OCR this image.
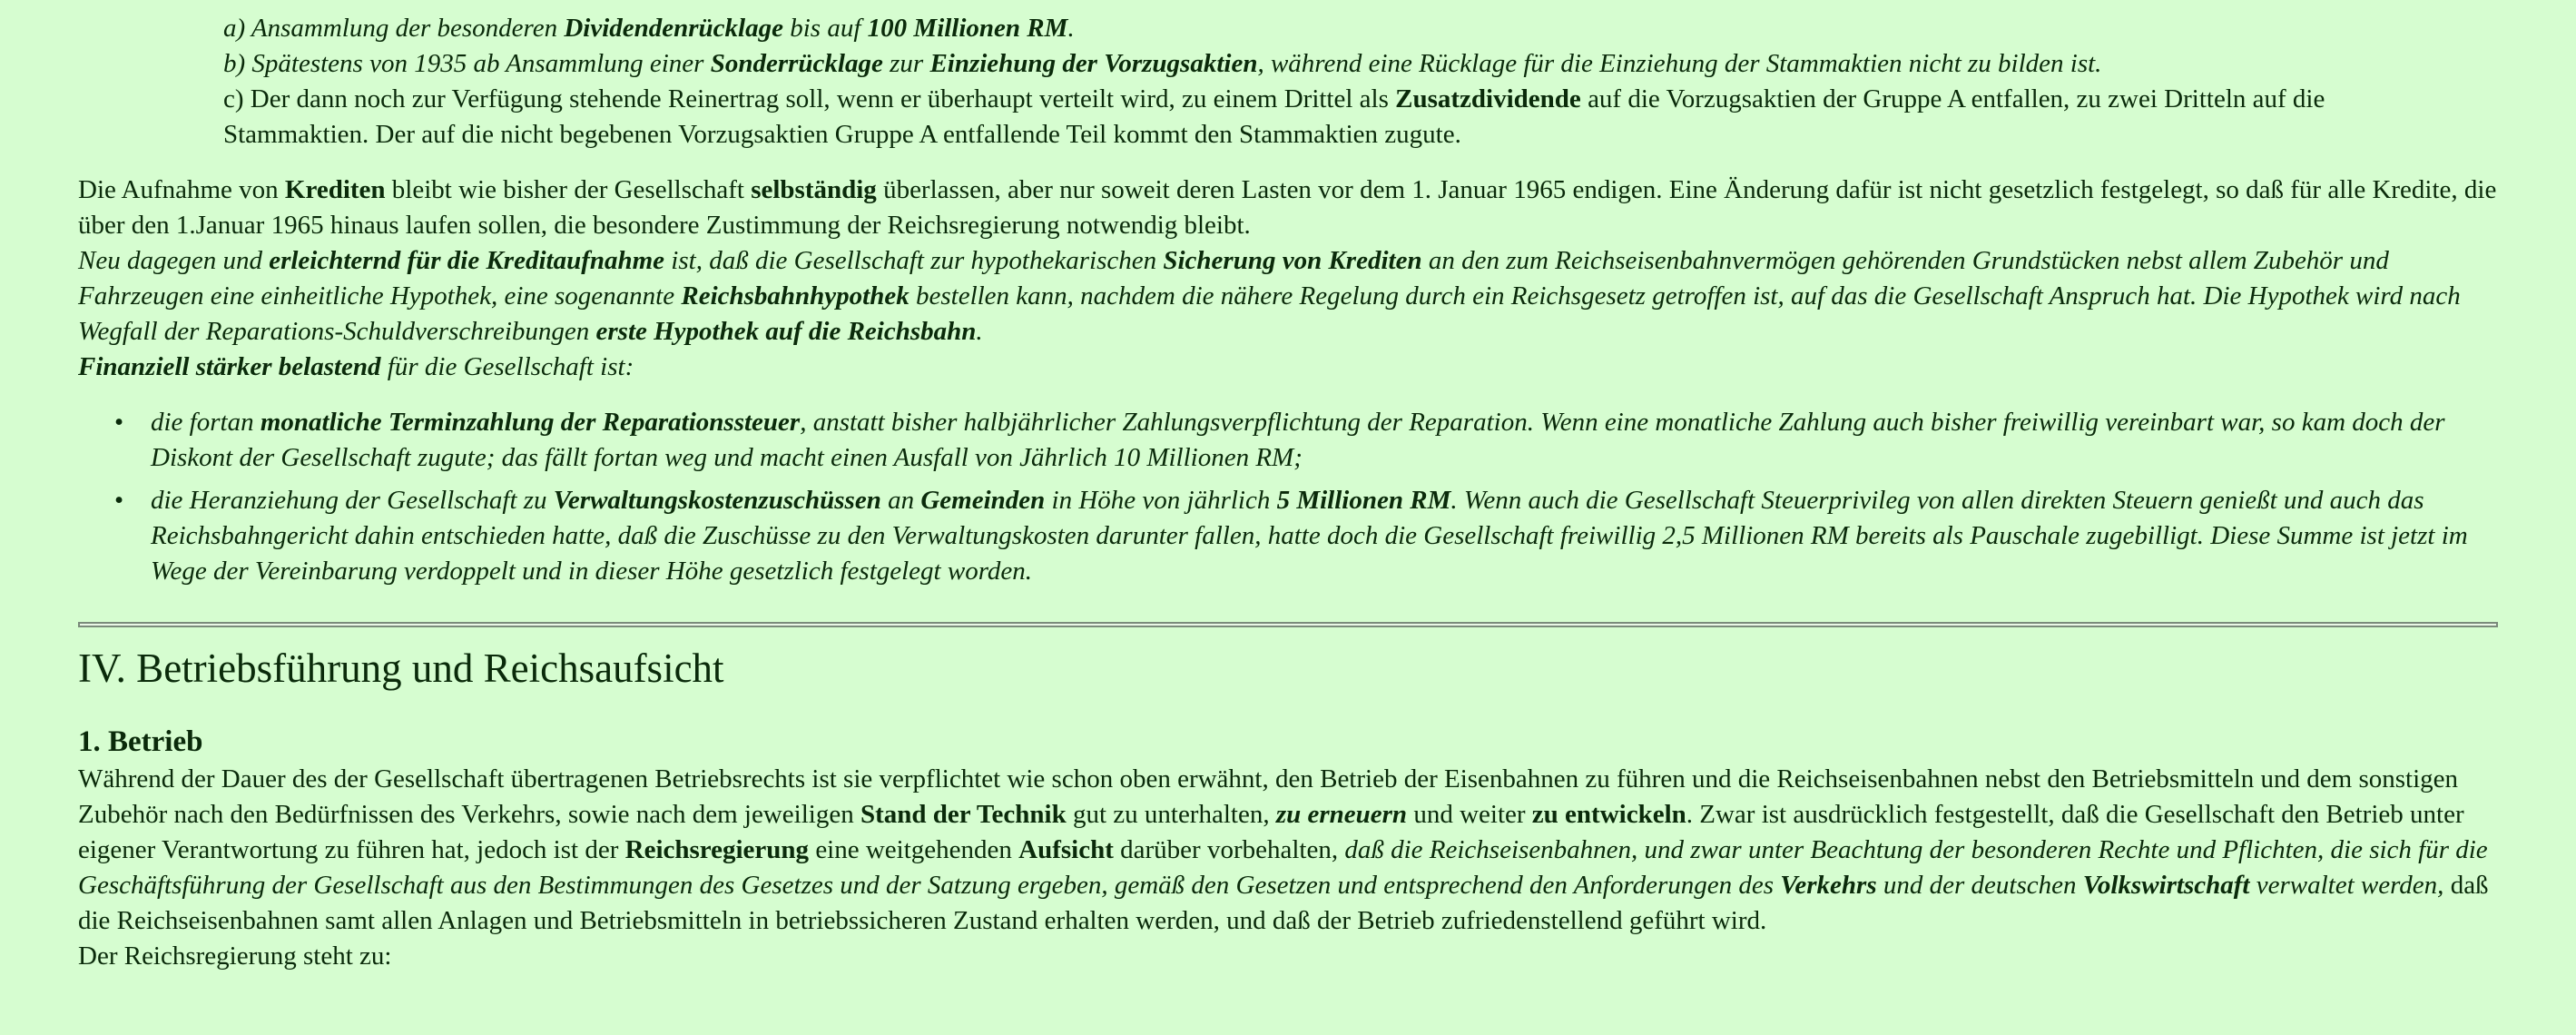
a) Ansammlung der besonderen Dividendenrücklage bis auf 100 Millionen RM.

b) Spätestens von 1935 ab Ansammlung einer Sonderrücklage zur Einziehung der Vorzugsaktien, während eine Rücklage für die Einziehung der Stammaktien nicht zu bilden ist.

c) Der dann noch zur Verfügung stehende Reinertrag soll, wenn er überhaupt verteilt wird, zu einem Drittel als Zusatzdividende auf die Vorzugsaktien der Gruppe A entfallen, zu zwei Dritteln auf die Stammaktien. Der auf die nicht begebenen Vorzugsaktien Gruppe A entfallende Teil kommt den Stammaktien zugute.

Die Aufnahme von Krediten bleibt wie bisher der Gesellschaft selbständig überlassen, aber nur soweit deren Lasten vor dem 1. Januar 1965 endigen. Eine Änderung dafür ist nicht gesetzlich festgelegt, so daß für alle Kredite, die über den 1.Januar 1965 hinaus laufen sollen, die besondere Zustimmung der Reichsregierung notwendig bleibt.

Neu dagegen und erleichternd für die Kreditaufnahme ist, daß die Gesellschaft zur hypothekarischen Sicherung von Krediten an den zum Reichseisenbahnvermögen gehörenden Grundstücken nebst allem Zubehör und Fahrzeugen eine einheitliche Hypothek, eine sogenannte Reichsbahnhypothek bestellen kann, nachdem die nähere Regelung durch ein Reichsgesetz getroffen ist, auf das die Gesellschaft Anspruch hat. Die Hypothek wird nach Wegfall der Reparations-Schuldverschreibungen erste Hypothek auf die Reichsbahn.

Finanziell stärker belastend für die Gesellschaft ist:

• die fortan monatliche Terminzahlung der Reparationssteuer, anstatt bisher halbjährlicher Zahlungsverpflichtung der Reparation. Wenn eine monatliche Zahlung auch bisher freiwillig vereinbart war, so kam doch der Diskont der Gesellschaft zugute; das fällt fortan weg und macht einen Ausfall von Jährlich 10 Millionen RM;
• die Heranziehung der Gesellschaft zu Verwaltungskostenzuschüssen an Gemeinden in Höhe von jährlich 5 Millionen RM. Wenn auch die Gesellschaft Steuerprivileg von allen direkten Steuern genießt und auch das Reichsbahngericht dahin entschieden hatte, daß die Zuschüsse zu den Verwaltungskosten darunter fallen, hatte doch die Gesellschaft freiwillig 2,5 Millionen RM bereits als Pauschale zugebilligt. Diese Summe ist jetzt im Wege der Vereinbarung verdoppelt und in dieser Höhe gesetzlich festgelegt worden.
IV. Betriebsführung und Reichsaufsicht
1. Betrieb

Während der Dauer des der Gesellschaft übertragenen Betriebsrechts ist sie verpflichtet wie schon oben erwähnt, den Betrieb der Eisenbahnen zu führen und die Reichseisenbahnen nebst den Betriebsmitteln und dem sonstigen Zubehör nach den Bedürfnissen des Verkehrs, sowie nach dem jeweiligen Stand der Technik gut zu unterhalten, zu erneuern und weiter zu entwickeln. Zwar ist ausdrücklich festgestellt, daß die Gesellschaft den Betrieb unter eigener Verantwortung zu führen hat, jedoch ist der Reichsregierung eine weitgehenden Aufsicht darüber vorbehalten, daß die Reichseisenbahnen, und zwar unter Beachtung der besonderen Rechte und Pflichten, die sich für die Geschäftsführung der Gesellschaft aus den Bestimmungen des Gesetzes und der Satzung ergeben, gemäß den Gesetzen und entsprechend den Anforderungen des Verkehrs und der deutschen Volkswirtschaft verwaltet werden, daß die Reichseisenbahnen samt allen Anlagen und Betriebsmitteln in betriebssicheren Zustand erhalten werden, und daß der Betrieb zufriedenstellend geführt wird.

Der Reichsregierung steht zu:
